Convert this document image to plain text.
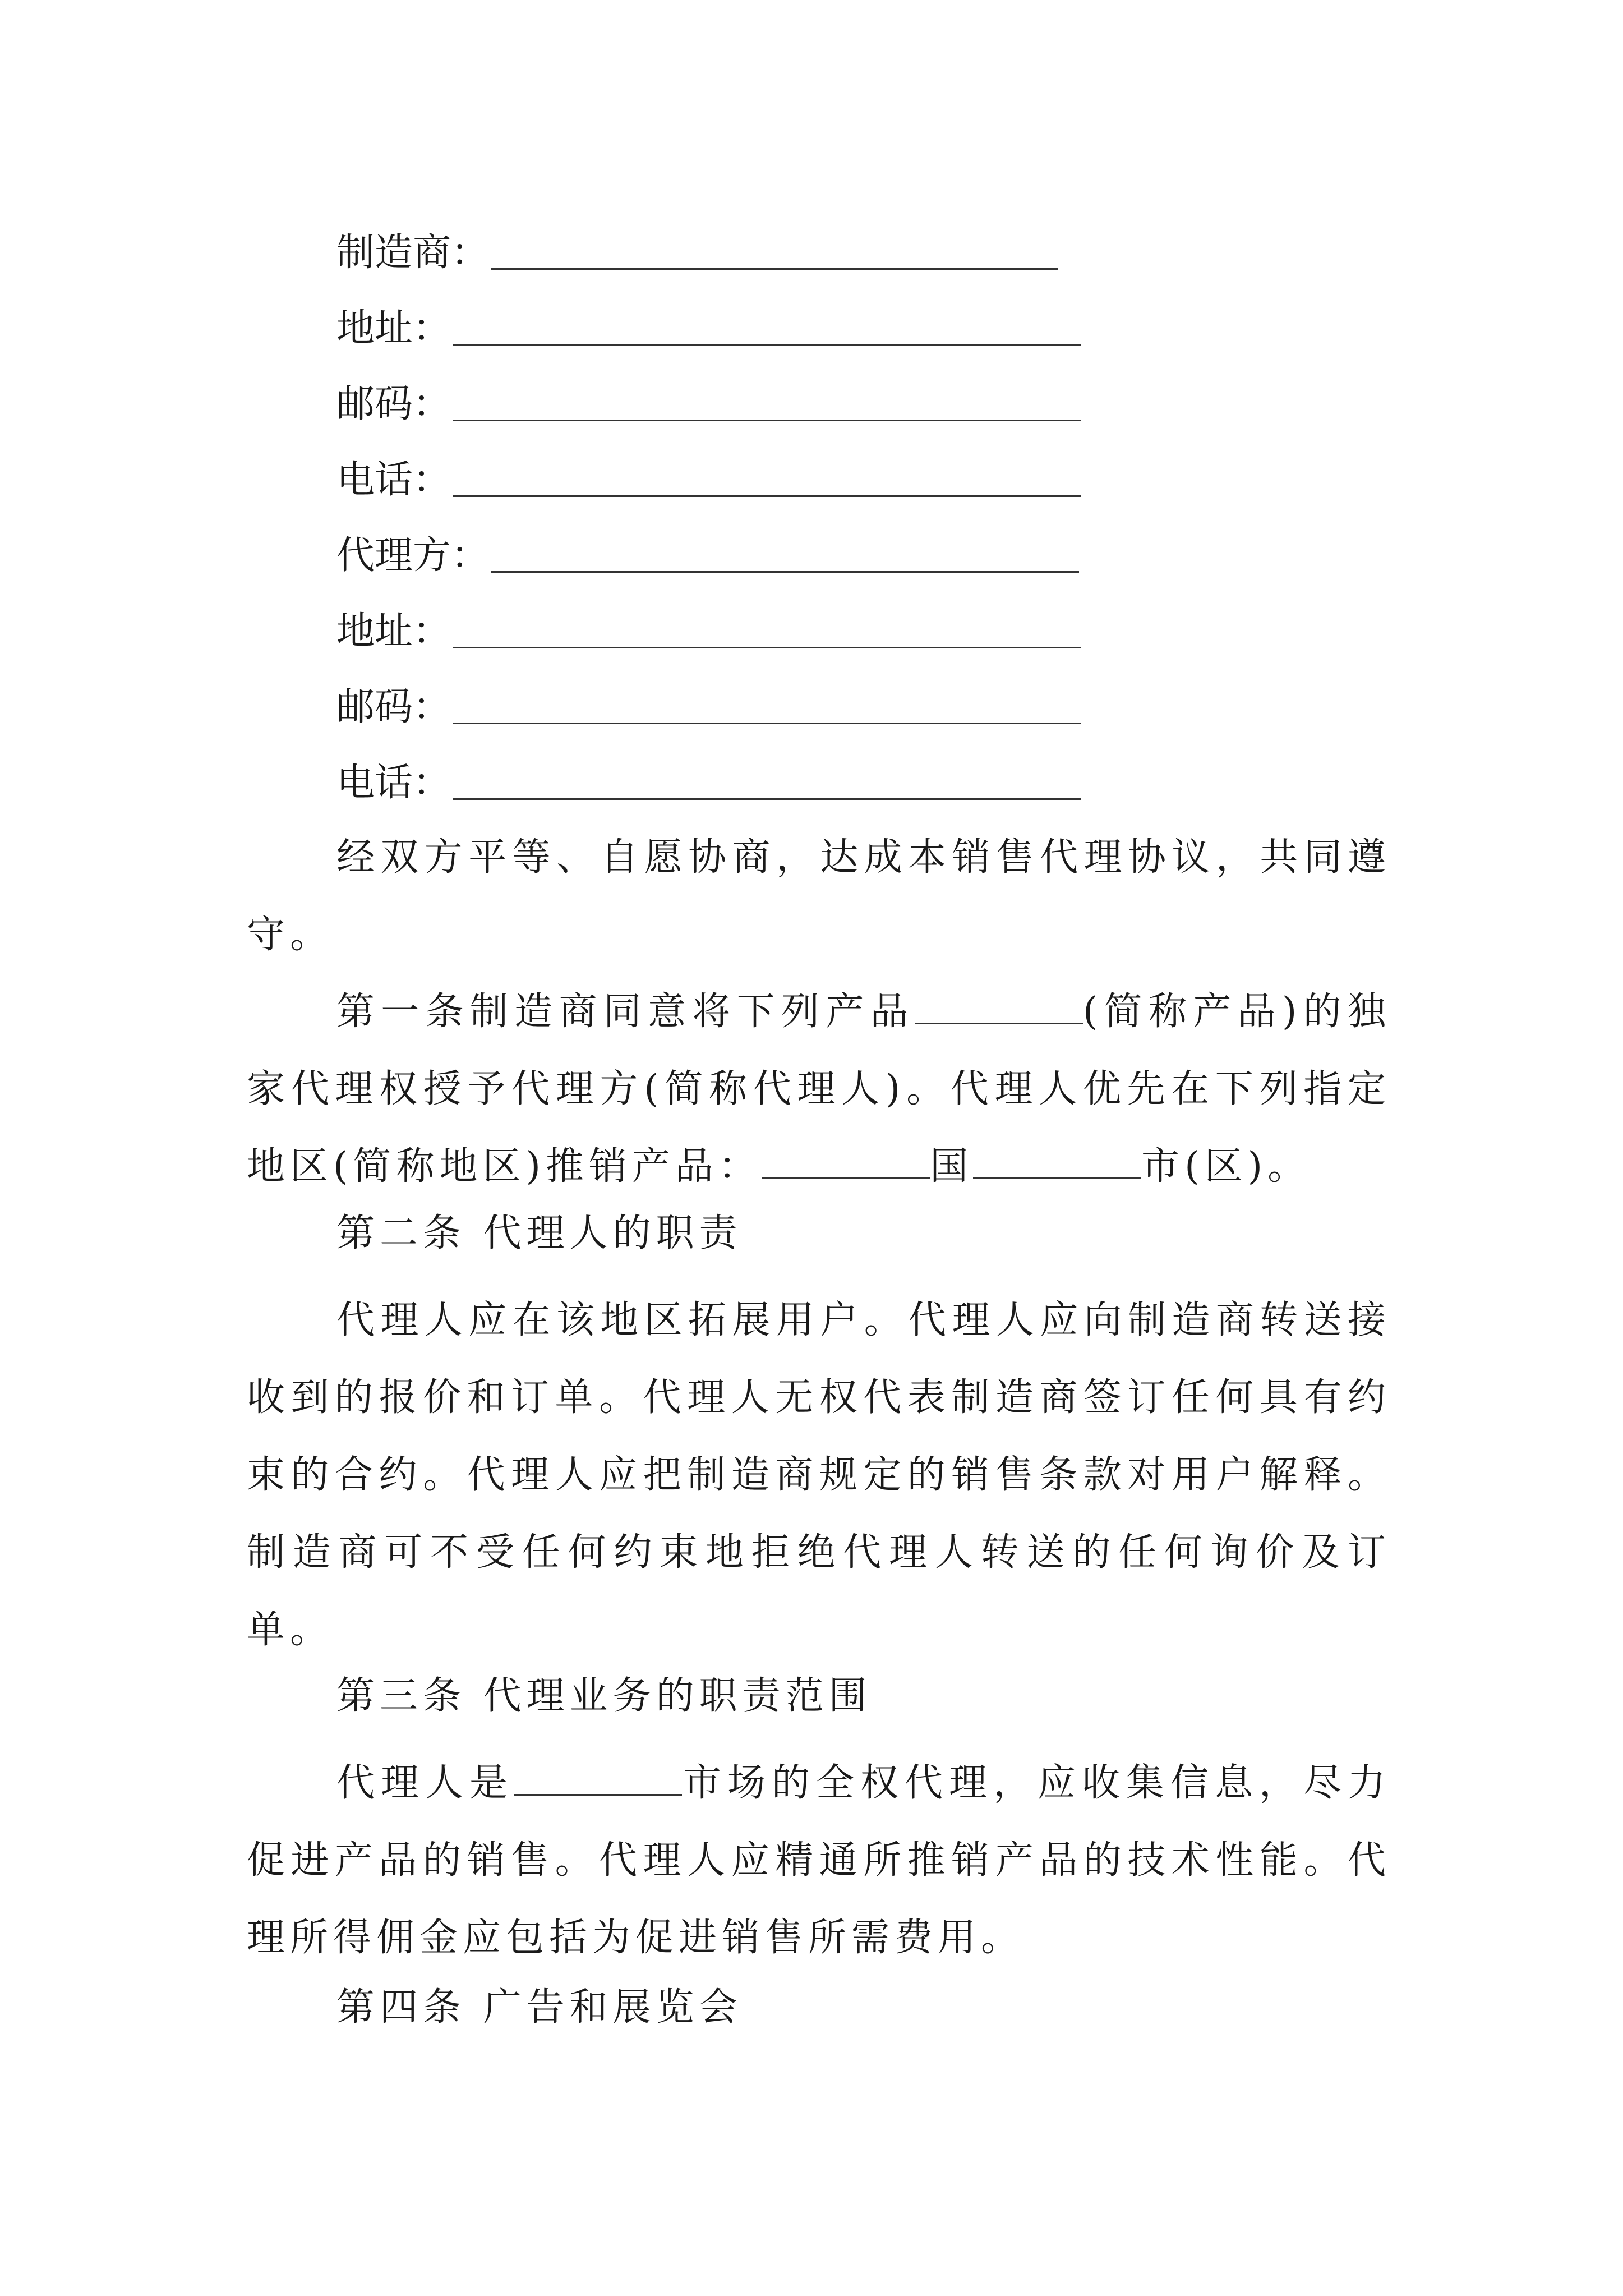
制造商：
地址：
邮码：
电话：
代理方：
地址：
邮码：
电话：

经双方平等、自愿协商，达成本销售代理协议，共同遵守。

第一条制造商同意将下列产品	(简称产品)的独家代理权授予代理方(简称代理人)。代理人优先在下列指定地区(简称地区)推销产品：	国	市(区)。

第二条 代理人的职责

代理人应在该地区拓展用户。代理人应向制造商转送接收到的报价和订单。代理人无权代表制造商签订任何具有约束的合约。代理人应把制造商规定的销售条款对用户解释。制造商可不受任何约束地拒绝代理人转送的任何询价及订单。

第三条 代理业务的职责范围

代理人是	市场的全权代理，应收集信息，尽力促进产品的销售。代理人应精通所推销产品的技术性能。代理所得佣金应包括为促进销售所需费用。

第四条 广告和展览会
